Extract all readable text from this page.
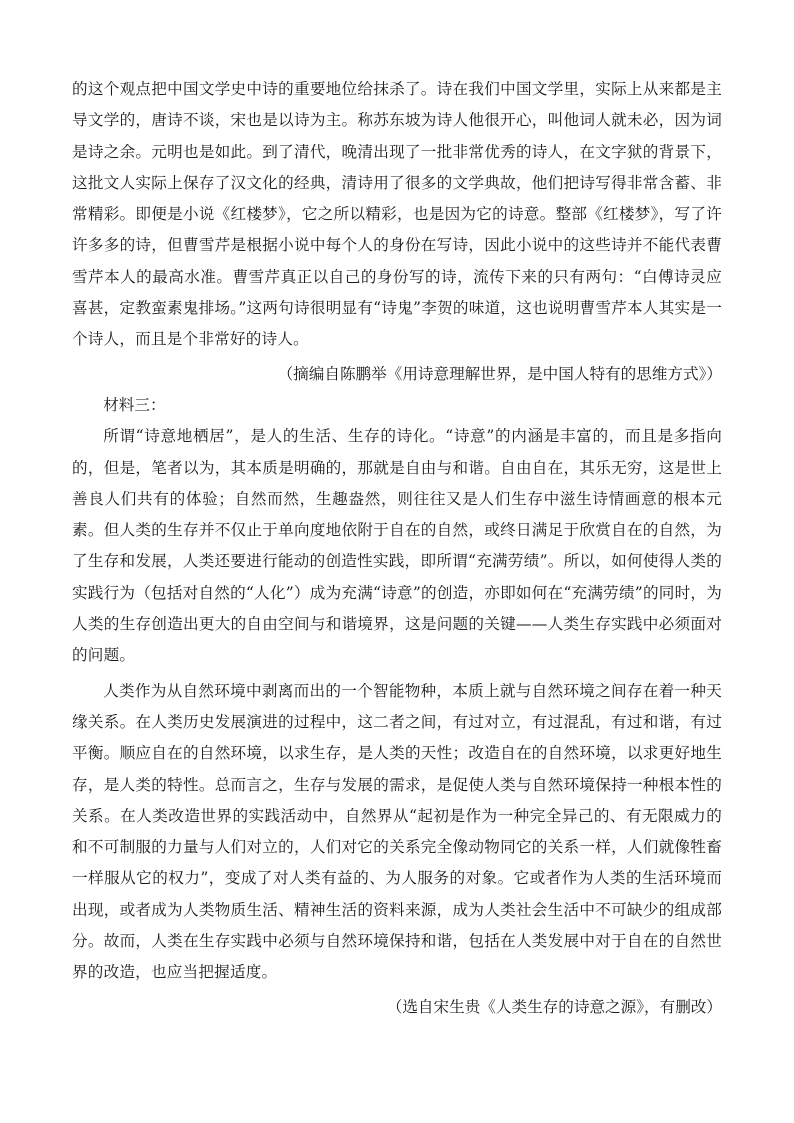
的这个观点把中国文学史中诗的重要地位给抹杀了。诗在我们中国文学里，实际上从来都是主导文学的，唐诗不谈，宋也是以诗为主。称苏东坡为诗人他很开心，叫他词人就未必，因为词是诗之余。元明也是如此。到了清代，晚清出现了一批非常优秀的诗人，在文字狱的背景下，这批文人实际上保存了汉文化的经典，清诗用了很多的文学典故，他们把诗写得非常含蓄、非常精彩。即便是小说《红楼梦》，它之所以精彩，也是因为它的诗意。整部《红楼梦》，写了许许多多的诗，但曹雪芹是根据小说中每个人的身份在写诗，因此小说中的这些诗并不能代表曹雪芹本人的最高水准。曹雪芹真正以自己的身份写的诗，流传下来的只有两句：“白傅诗灵应喜甚，定教蛮素鬼排场。”这两句诗很明显有“诗鬼”李贺的味道，这也说明曹雪芹本人其实是一个诗人，而且是个非常好的诗人。

（摘编自陈鹏举《用诗意理解世界，是中国人特有的思维方式》）

材料三：

所谓“诗意地栖居”，是人的生活、生存的诗化。“诗意”的内涵是丰富的，而且是多指向的，但是，笔者以为，其本质是明确的，那就是自由与和谐。自由自在，其乐无穷，这是世上善良人们共有的体验；自然而然，生趣盎然，则往往又是人们生存中滋生诗情画意的根本元素。但人类的生存并不仅止于单向度地依附于自在的自然，或终日满足于欣赏自在的自然，为了生存和发展，人类还要进行能动的创造性实践，即所谓“充满劳绩”。所以，如何使得人类的实践行为（包括对自然的“人化”）成为充满“诗意”的创造，亦即如何在“充满劳绩”的同时，为人类的生存创造出更大的自由空间与和谐境界，这是问题的关键——人类生存实践中必须面对的问题。

人类作为从自然环境中剥离而出的一个智能物种，本质上就与自然环境之间存在着一种天缘关系。在人类历史发展演进的过程中，这二者之间，有过对立，有过混乱，有过和谐，有过平衡。顺应自在的自然环境，以求生存，是人类的天性；改造自在的自然环境，以求更好地生存，是人类的特性。总而言之，生存与发展的需求，是促使人类与自然环境保持一种根本性的关系。在人类改造世界的实践活动中，自然界从“起初是作为一种完全异己的、有无限威力的和不可制服的力量与人们对立的，人们对它的关系完全像动物同它的关系一样，人们就像牲畜一样服从它的权力”，变成了对人类有益的、为人服务的对象。它或者作为人类的生活环境而出现，或者成为人类物质生活、精神生活的资料来源，成为人类社会生活中不可缺少的组成部分。故而，人类在生存实践中必须与自然环境保持和谐，包括在人类发展中对于自在的自然世界的改造，也应当把握适度。

（选自宋生贵《人类生存的诗意之源》，有删改）
